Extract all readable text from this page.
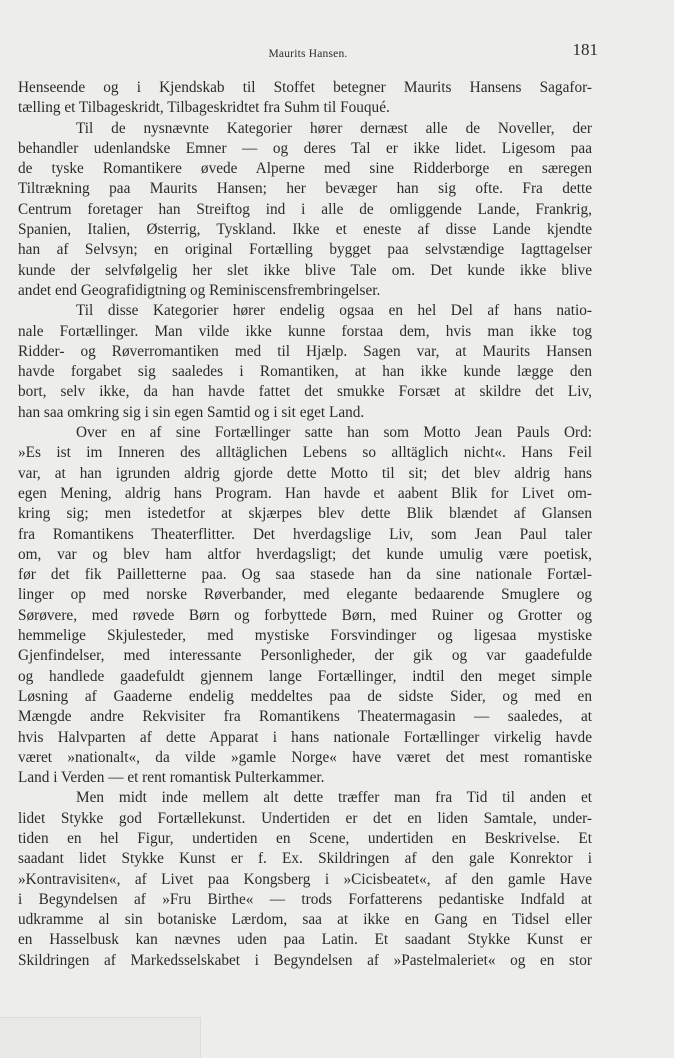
Maurits Hansen.	181
Henseende og i Kjendskab til Stoffet betegner Maurits Hansens Sagafor-
tælling et Tilbageskridt, Tilbageskridtet fra Suhm til Fouqué.
Til de nysnævnte Kategorier hører dernæst alle de Noveller, der
behandler udenlandske Emner — og deres Tal er ikke lidet. Ligesom paa
de tyske Romantikere øvede Alperne med sine Ridderborge en særegen
Tiltrækning paa Maurits Hansen; her bevæger han sig ofte. Fra dette
Centrum foretager han Streiftog ind i alle de omliggende Lande, Frankrig,
Spanien, Italien, Østerrig, Tyskland. Ikke et eneste af disse Lande kjendte
han af Selvsyn; en original Fortælling bygget paa selvstændige Iagttagelser
kunde der selvfølgelig her slet ikke blive Tale om. Det kunde ikke blive
andet end Geografidigtning og Reminiscensfrembringelser.
Til disse Kategorier hører endelig ogsaa en hel Del af hans natio-
nale Fortællinger. Man vilde ikke kunne forstaa dem, hvis man ikke tog
Ridder- og Røverromantiken med til Hjælp. Sagen var, at Maurits Hansen
havde forgabet sig saaledes i Romantiken, at han ikke kunde lægge den
bort, selv ikke, da han havde fattet det smukke Forsæt at skildre det Liv,
han saa omkring sig i sin egen Samtid og i sit eget Land.
Over en af sine Fortællinger satte han som Motto Jean Pauls Ord:
»Es ist im Inneren des alltäglichen Lebens so alltäglich nicht«. Hans Feil
var, at han igrunden aldrig gjorde dette Motto til sit; det blev aldrig hans
egen Mening, aldrig hans Program. Han havde et aabent Blik for Livet om-
kring sig; men istedetfor at skjærpes blev dette Blik blændet af Glansen
fra Romantikens Theaterflitter. Det hverdagslige Liv, som Jean Paul taler
om, var og blev ham altfor hverdagsligt; det kunde umulig være poetisk,
før det fik Pailletterne paa. Og saa stasede han da sine nationale Fortæl-
linger op med norske Røverbander, med elegante bedaarende Smuglere og
Sørøvere, med røvede Børn og forbyttede Børn, med Ruiner og Grotter og
hemmelige Skjulesteder, med mystiske Forsvindinger og ligesaa mystiske
Gjenfindelser, med interessante Personligheder, der gik og var gaadefulde
og handlede gaadefuldt gjennem lange Fortællinger, indtil den meget simple
Løsning af Gaaderne endelig meddeltes paa de sidste Sider, og med en
Mængde andre Rekvisiter fra Romantikens Theatermagasin — saaledes, at
hvis Halvparten af dette Apparat i hans nationale Fortællinger virkelig havde
været »nationalt«, da vilde »gamle Norge« have været det mest romantiske
Land i Verden — et rent romantisk Pulterkammer.
Men midt inde mellem alt dette træffer man fra Tid til anden et
lidet Stykke god Fortællekunst. Undertiden er det en liden Samtale, under-
tiden en hel Figur, undertiden en Scene, undertiden en Beskrivelse. Et
saadant lidet Stykke Kunst er f. Ex. Skildringen af den gale Konrektor i
»Kontravisiten«, af Livet paa Kongsberg i »Cicisbeatet«, af den gamle Have
i Begyndelsen af »Fru Birthe« — trods Forfatterens pedantiske Indfald at
udkramme al sin botaniske Lærdom, saa at ikke en Gang en Tidsel eller
en Hasselbusk kan nævnes uden paa Latin. Et saadant Stykke Kunst er
Skildringen af Markedsselskabet i Begyndelsen af »Pastelmaleriet« og en stor
